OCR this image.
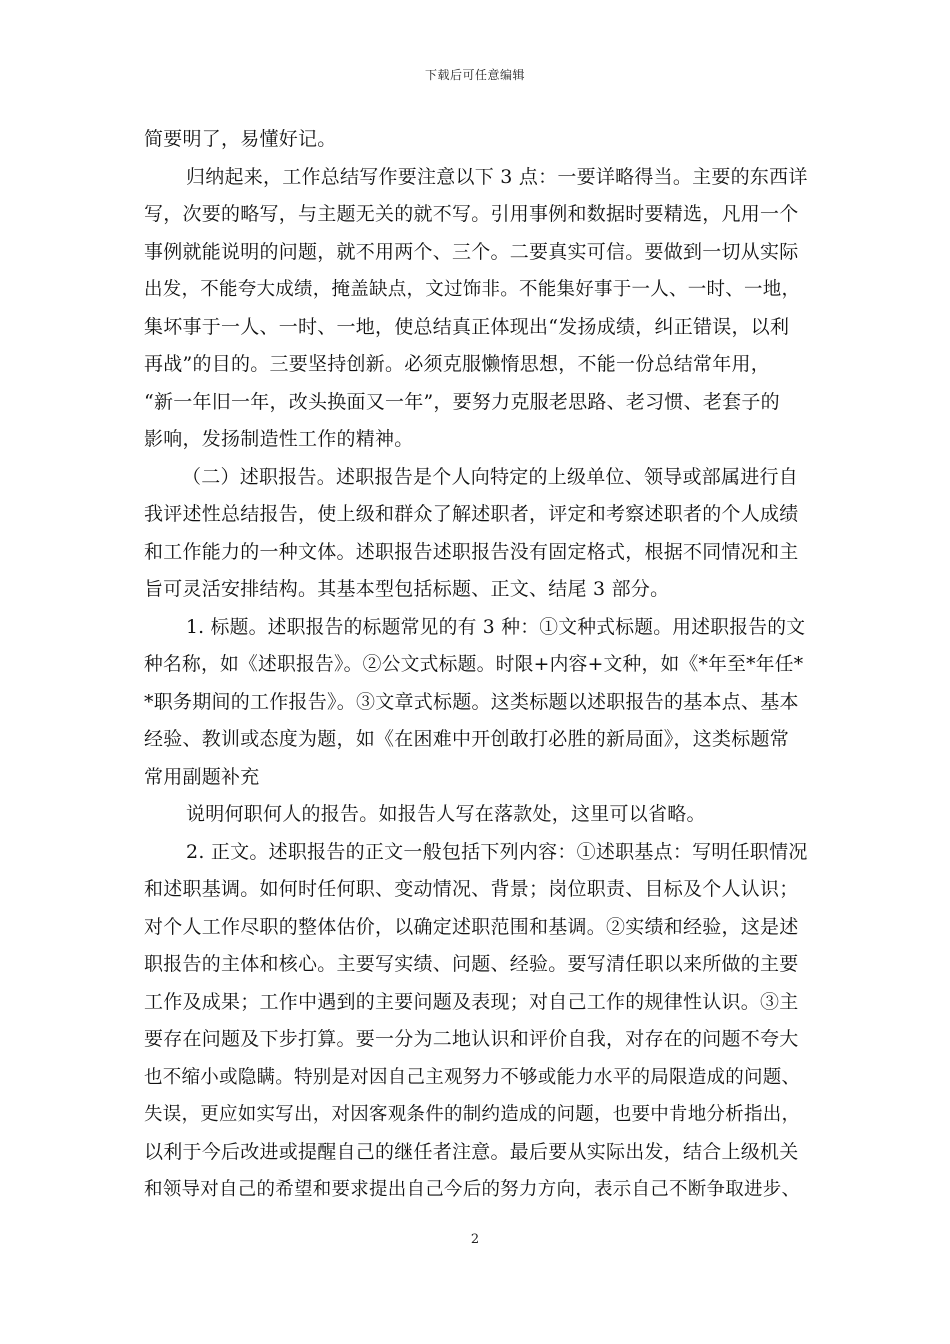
下载后可任意编辑
简要明了，易懂好记。
归纳起来，工作总结写作要注意以下 3 点：一要详略得当。主要的东西详
写，次要的略写，与主题无关的就不写。引用事例和数据时要精选，凡用一个
事例就能说明的问题，就不用两个、三个。二要真实可信。要做到一切从实际
出发，不能夸大成绩，掩盖缺点，文过饰非。不能集好事于一人、一时、一地，
集坏事于一人、一时、一地，使总结真正体现出“发扬成绩，纠正错误，以利
再战”的目的。三要坚持创新。必须克服懒惰思想，不能一份总结常年用，
“新一年旧一年，改头换面又一年”，要努力克服老思路、老习惯、老套子的
影响，发扬制造性工作的精神。
（二）述职报告。述职报告是个人向特定的上级单位、领导或部属进行自
我评述性总结报告，使上级和群众了解述职者，评定和考察述职者的个人成绩
和工作能力的一种文体。述职报告述职报告没有固定格式，根据不同情况和主
旨可灵活安排结构。其基本型包括标题、正文、结尾 3 部分。
1. 标题。述职报告的标题常见的有 3 种：①文种式标题。用述职报告的文
种名称，如《述职报告》。②公文式标题。时限+内容+文种，如《*年至*年任*
*职务期间的工作报告》。③文章式标题。这类标题以述职报告的基本点、基本
经验、教训或态度为题，如《在困难中开创敢打必胜的新局面》，这类标题常
常用副题补充
说明何职何人的报告。如报告人写在落款处，这里可以省略。
2. 正文。述职报告的正文一般包括下列内容：①述职基点：写明任职情况
和述职基调。如何时任何职、变动情况、背景；岗位职责、目标及个人认识；
对个人工作尽职的整体估价，以确定述职范围和基调。②实绩和经验，这是述
职报告的主体和核心。主要写实绩、问题、经验。要写清任职以来所做的主要
工作及成果；工作中遇到的主要问题及表现；对自己工作的规律性认识。③主
要存在问题及下步打算。要一分为二地认识和评价自我，对存在的问题不夸大
也不缩小或隐瞒。特别是对因自己主观努力不够或能力水平的局限造成的问题、
失误，更应如实写出，对因客观条件的制约造成的问题，也要中肯地分析指出，
以利于今后改进或提醒自己的继任者注意。最后要从实际出发，结合上级机关
和领导对自己的希望和要求提出自己今后的努力方向，表示自己不断争取进步、
2
